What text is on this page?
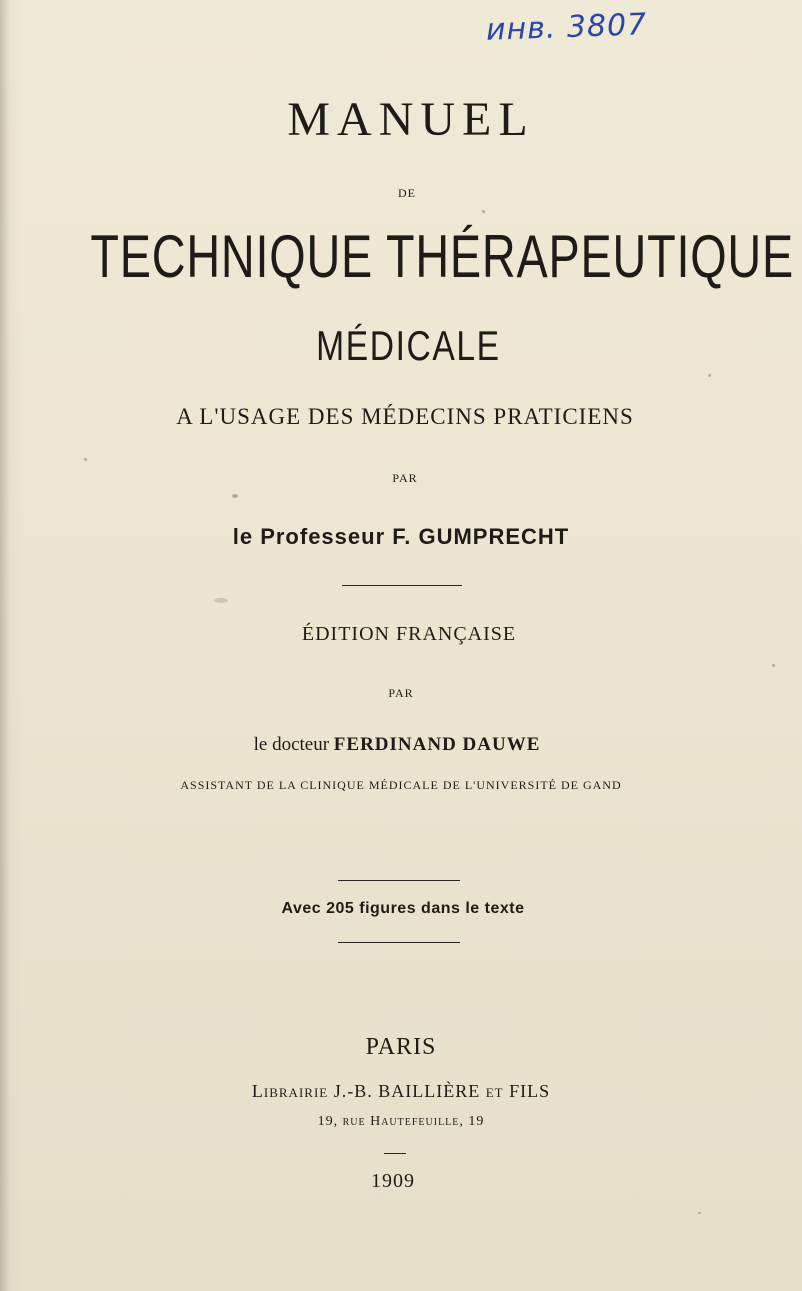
инв. 3807
MANUEL
DE
TECHNIQUE THÉRAPEUTIQUE
MÉDICALE
A L'USAGE DES MÉDECINS PRATICIENS
PAR
le Professeur F. GUMPRECHT
ÉDITION FRANÇAISE
PAR
le docteur FERDINAND DAUWE
ASSISTANT DE LA CLINIQUE MÉDICALE DE L'UNIVERSITÉ DE GAND
Avec 205 figures dans le texte
PARIS
Librairie J.-B. BAILLIÈRE et FILS
19, rue Hautefeuille, 19
1909
